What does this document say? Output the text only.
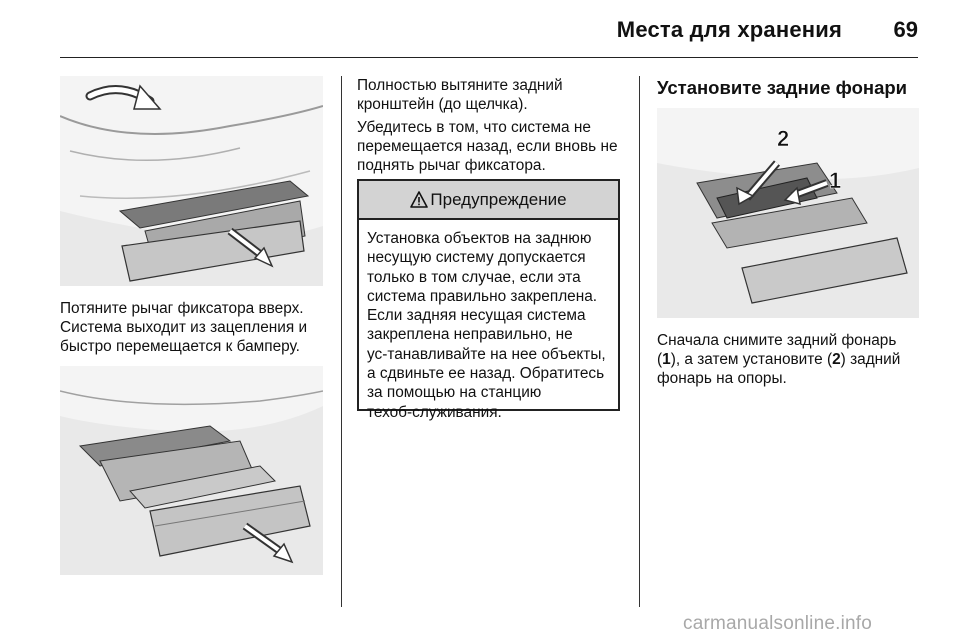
Места для хранения 69

Потяните рычаг фиксатора вверх. Система выходит из зацепления и быстро перемещается к бамперу.

Полностью вытяните задний кронштейн (до щелчка).

Убедитесь в том, что система не перемещается назад, если вновь не поднять рычаг фиксатора.

Предупреждение

Установка объектов на заднюю несущую систему допускается только в том случае, если эта система правильно закреплена. Если задняя несущая система закреплена неправильно, не ус‑танавливайте на нее объекты, а сдвиньте ее назад. Обратитесь за помощью на станцию техоб‑служивания.

Установите задние фонари
2
1

Сначала снимите задний фонарь (1), а затем установите (2) задний фонарь на опоры.

carmanualsonline.info
